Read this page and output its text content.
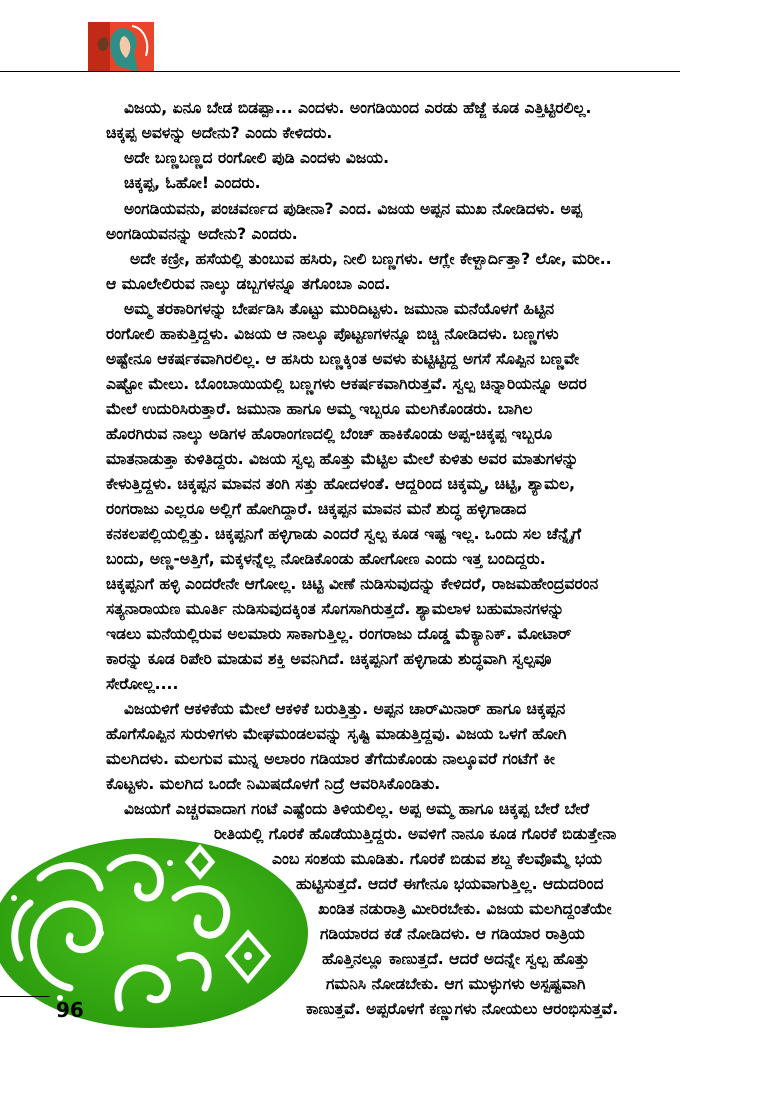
ವಿಜಯ, ಏನೂ ಬೇಡ ಬಿಡಪ್ಪಾ... ಎಂದಳು. ಅಂಗಡಿಯಿಂದ ಎರಡು ಹೆಜ್ಜೆ ಕೂಡ ಎತ್ತಿಟ್ಟಿರಲಿಲ್ಲ.
ಚಿಕ್ಕಪ್ಪ ಅವಳನ್ನು ಅದೇನು? ಎಂದು ಕೇಳಿದರು.
ಅದೇ ಬಣ್ಣಬಣ್ಣದ ರಂಗೋಲಿ ಪುಡಿ ಎಂದಳು ವಿಜಯ.
ಚಿಕ್ಕಪ್ಪ, ಓಹೋ! ಎಂದರು.
ಅಂಗಡಿಯವನು, ಪಂಚವರ್ಣದ ಪುಡೀನಾ? ಎಂದ. ವಿಜಯ ಅಪ್ಪನ ಮುಖ ನೋಡಿದಳು. ಅಪ್ಪ
ಅಂಗಡಿಯವನನ್ನು ಅದೇನು? ಎಂದರು.
ಅದೇ ಕಣ್ರೀ, ಹಸೆಯಲ್ಲಿ ತುಂಬುವ ಹಸಿರು, ನೀಲಿ ಬಣ್ಣಗಳು. ಆಗ್ಲೇ ಕೇಳ್ಬಾರ್ದಿತ್ತಾ? ಲೋ, ಮರೀ..
ಆ ಮೂಲೇಲಿರುವ ನಾಲ್ಕು ಡಬ್ಬಗಳನ್ನೂ ತಗೊಂಬಾ ಎಂದ.
ಅಮ್ಮ ತರಕಾರಿಗಳನ್ನು ಬೇರ್ಪಡಿಸಿ ತೊಟ್ಟು ಮುರಿದಿಟ್ಟಳು. ಜಮುನಾ ಮನೆಯೊಳಗೆ ಹಿಟ್ಟಿನ
ರಂಗೋಲಿ ಹಾಕುತ್ತಿದ್ದಳು. ವಿಜಯ ಆ ನಾಲ್ಕೂ ಪೊಟ್ಟಣಗಳನ್ನೂ ಬಿಚ್ಚಿ ನೋಡಿದಳು. ಬಣ್ಣಗಳು
ಅಷ್ಟೇನೂ ಆಕರ್ಷಕವಾಗಿರಲಿಲ್ಲ. ಆ ಹಸಿರು ಬಣ್ಣಕ್ಕಿಂತ ಅವಳು ಕುಟ್ಟಿಟ್ಟಿದ್ದ ಅಗಸೆ ಸೊಪ್ಪಿನ ಬಣ್ಣವೇ
ಎಷ್ಟೋ ಮೇಲು. ಬೊಂಬಾಯಿಯಲ್ಲಿ ಬಣ್ಣಗಳು ಆಕರ್ಷಕವಾಗಿರುತ್ತವೆ. ಸ್ವಲ್ಪ ಚಿನ್ನಾರಿಯನ್ನೂ ಅದರ
ಮೇಲೆ ಉದುರಿಸಿರುತ್ತಾರೆ. ಜಮುನಾ ಹಾಗೂ ಅಮ್ಮ ಇಬ್ಬರೂ ಮಲಗಿಕೊಂಡರು. ಬಾಗಿಲ
ಹೊರಗಿರುವ ನಾಲ್ಕು ಅಡಿಗಳ ಹೊರಾಂಗಣದಲ್ಲಿ ಬೆಂಚ್ ಹಾಕಿಕೊಂಡು ಅಪ್ಪ-ಚಿಕ್ಕಪ್ಪ ಇಬ್ಬರೂ
ಮಾತನಾಡುತ್ತಾ ಕುಳಿತಿದ್ದರು. ವಿಜಯ ಸ್ವಲ್ಪ ಹೊತ್ತು ಮೆಟ್ಟಿಲ ಮೇಲೆ ಕುಳಿತು ಅವರ ಮಾತುಗಳನ್ನು
ಕೇಳುತ್ತಿದ್ದಳು. ಚಿಕ್ಕಪ್ಪನ ಮಾವನ ತಂಗಿ ಸತ್ತು ಹೋದಳಂತೆ. ಆದ್ದರಿಂದ ಚಿಕ್ಕಮ್ಮ, ಚಿಟ್ಟಿ, ಶ್ಯಾಮಲ,
ರಂಗರಾಜು ಎಲ್ಲರೂ ಅಲ್ಲಿಗೆ ಹೋಗಿದ್ದಾರೆ. ಚಿಕ್ಕಪ್ಪನ ಮಾವನ ಮನೆ ಶುದ್ಧ ಹಳ್ಳಿಗಾಡಾದ
ಕನಕಲಪಲ್ಲಿಯಲ್ಲಿತ್ತು. ಚಿಕ್ಕಪ್ಪನಿಗೆ ಹಳ್ಳಿಗಾಡು ಎಂದರೆ ಸ್ವಲ್ಪ ಕೂಡ ಇಷ್ಟ ಇಲ್ಲ. ಒಂದು ಸಲ ಚೆನ್ನೈಗೆ
ಬಂದು, ಅಣ್ಣ-ಅತ್ತಿಗೆ, ಮಕ್ಕಳನ್ನೆಲ್ಲ ನೋಡಿಕೊಂಡು ಹೋಗೋಣ ಎಂದು ಇತ್ತ ಬಂದಿದ್ದರು.
ಚಿಕ್ಕಪ್ಪನಿಗೆ ಹಳ್ಳಿ ಎಂದರೇನೇ ಆಗೋಲ್ಲ. ಚಿಟ್ಟಿ ವೀಣೆ ನುಡಿಸುವುದನ್ನು ಕೇಳಿದರೆ, ರಾಜಮಹೇಂದ್ರವರಂನ
ಸತ್ಯನಾರಾಯಣ ಮೂರ್ತಿ ನುಡಿಸುವುದಕ್ಕಿಂತ ಸೊಗಸಾಗಿರುತ್ತದೆ. ಶ್ಯಾಮಲಾಳ ಬಹುಮಾನಗಳನ್ನು
ಇಡಲು ಮನೆಯಲ್ಲಿರುವ ಅಲಮಾರು ಸಾಕಾಗುತ್ತಿಲ್ಲ. ರಂಗರಾಜು ದೊಡ್ಡ ಮೆಕ್ಯಾನಿಕ್. ಮೋಟಾರ್
ಕಾರನ್ನು ಕೂಡ ರಿಪೇರಿ ಮಾಡುವ ಶಕ್ತಿ ಅವನಿಗಿದೆ. ಚಿಕ್ಕಪ್ಪನಿಗೆ ಹಳ್ಳಿಗಾಡು ಶುದ್ಧವಾಗಿ ಸ್ವಲ್ಪವೂ
ಸೇರೋಲ್ಲ....
ವಿಜಯಳಿಗೆ ಆಕಳಿಕೆಯ ಮೇಲೆ ಆಕಳಿಕೆ ಬರುತ್ತಿತ್ತು. ಅಪ್ಪನ ಚಾರ್‌ಮಿನಾರ್ ಹಾಗೂ ಚಿಕ್ಕಪ್ಪನ
ಹೊಗೆಸೊಪ್ಪಿನ ಸುರುಳಿಗಳು ಮೇಘಮಂಡಲವನ್ನು ಸೃಷ್ಟಿ ಮಾಡುತ್ತಿದ್ದವು. ವಿಜಯ ಒಳಗೆ ಹೋಗಿ
ಮಲಗಿದಳು. ಮಲಗುವ ಮುನ್ನ ಅಲಾರಂ ಗಡಿಯಾರ ತೆಗೆದುಕೊಂಡು ನಾಲ್ಕೂವರೆ ಗಂಟೆಗೆ ಕೀ
ಕೊಟ್ಟಳು. ಮಲಗಿದ ಒಂದೇ ನಿಮಿಷದೊಳಗೆ ನಿದ್ರೆ ಆವರಿಸಿಕೊಂಡಿತು.
ವಿಜಯಗೆ ಎಚ್ಚರವಾದಾಗ ಗಂಟೆ ಎಷ್ಟೆಂದು ತಿಳಿಯಲಿಲ್ಲ. ಅಪ್ಪ ಅಮ್ಮ ಹಾಗೂ ಚಿಕ್ಕಪ್ಪ ಬೇರೆ ಬೇರೆ
ರೀತಿಯಲ್ಲಿ ಗೊರಕೆ ಹೊಡೆಯುತ್ತಿದ್ದರು. ಅವಳಿಗೆ ನಾನೂ ಕೂಡ ಗೊರಕೆ ಬಿಡುತ್ತೇನಾ
ಎಂಬ ಸಂಶಯ ಮೂಡಿತು. ಗೊರಕೆ ಬಿಡುವ ಶಬ್ದ ಕೆಲವೊಮ್ಮೆ ಭಯ
ಹುಟ್ಟಿಸುತ್ತದೆ. ಆದರೆ ಈಗೇನೂ ಭಯವಾಗುತ್ತಿಲ್ಲ. ಆದುದರಿಂದ
ಖಂಡಿತ ನಡುರಾತ್ರಿ ಮೀರಿರಬೇಕು. ವಿಜಯ ಮಲಗಿದ್ದಂತೆಯೇ
ಗಡಿಯಾರದ ಕಡೆ ನೋಡಿದಳು. ಆ ಗಡಿಯಾರ ರಾತ್ರಿಯ
ಹೊತ್ತಿನಲ್ಲೂ ಕಾಣುತ್ತದೆ. ಆದರೆ ಅದನ್ನೇ ಸ್ವಲ್ಪ ಹೊತ್ತು
ಗಮನಿಸಿ ನೋಡಬೇಕು. ಆಗ ಮುಳ್ಳುಗಳು ಅಸ್ಪಷ್ಟವಾಗಿ
ಕಾಣುತ್ತವೆ. ಅಪ್ಪರೊಳಗೆ ಕಣ್ಣುಗಳು ನೋಯಲು ಆರಂಭಿಸುತ್ತವೆ.
96
